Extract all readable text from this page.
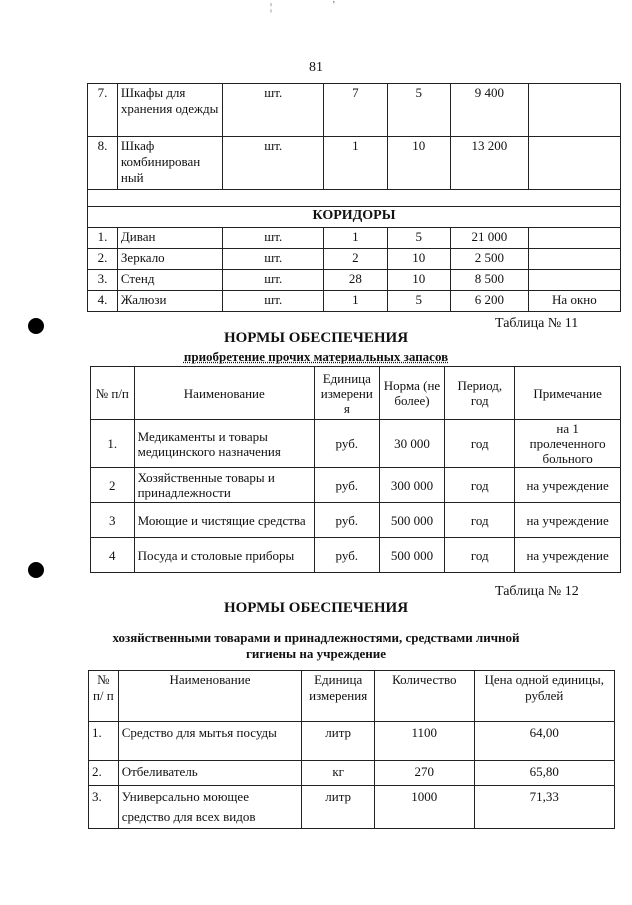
¦	'
81
7.	Шкафы для хранения одежды	шт.	7	5	9 400	
8.	Шкаф комбинирован ный	шт.	1	10	13 200	

КОРИДОРЫ						
1.	Диван	шт.	1	5	21 000	
2.	Зеркало	шт.	2	10	2 500	
3.	Стенд	шт.	28	10	8 500	
4.	Жалюзи	шт.	1	5	6 200	На окно
Таблица № 11
НОРМЫ ОБЕСПЕЧЕНИЯ
приобретение прочих материальных запасов
№ п/п	Наименование	Единица измерени я	Норма (не более)	Период, год	Примечание
1.	Медикаменты и товары медицинского назначения	руб.	30 000	год	на 1 пролеченного больного
2	Хозяйственные товары и принадлежности	руб.	300 000	год	на учреждение
3	Моющие и чистящие средства	руб.	500 000	год	на учреждение
4	Посуда и столовые приборы	руб.	500 000	год	на учреждение
Таблица № 12
НОРМЫ ОБЕСПЕЧЕНИЯ
хозяйственными товарами и принадлежностями, средствами личной
гигиены на учреждение
№ п/ п	Наименование	Единица измерения	Количество	Цена одной единицы, рублей
1.	Средство для мытья посуды	литр	1100	64,00
2.	Отбеливатель	кг	270	65,80
3.	Универсально моющее средство для всех видов	литр	1000	71,33
